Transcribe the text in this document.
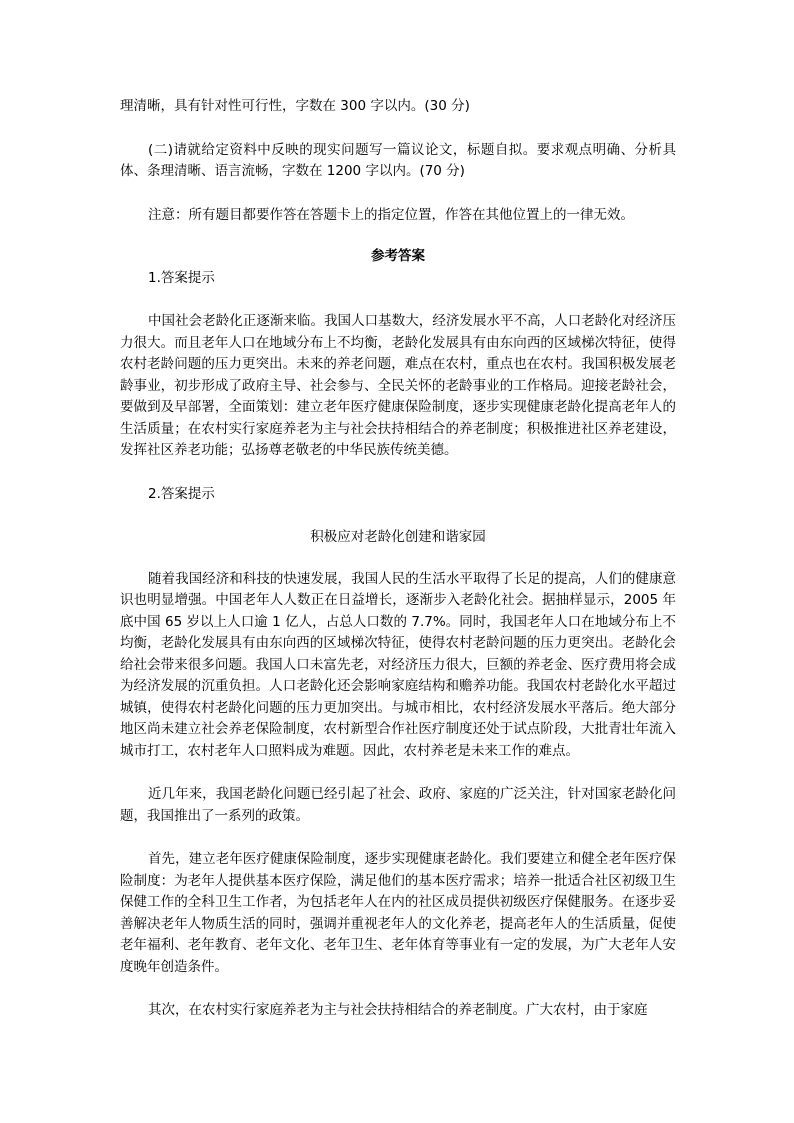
理清晰，具有针对性可行性，字数在 300 字以内。(30 分)

(二)请就给定资料中反映的现实问题写一篇议论文，标题自拟。要求观点明确、分析具体、条理清晰、语言流畅，字数在 1200 字以内。(70 分)

注意：所有题目都要作答在答题卡上的指定位置，作答在其他位置上的一律无效。

参考答案

1.答案提示

中国社会老龄化正逐渐来临。我国人口基数大，经济发展水平不高，人口老龄化对经济压力很大。而且老年人口在地域分布上不均衡，老龄化发展具有由东向西的区域梯次特征，使得农村老龄问题的压力更突出。未来的养老问题，难点在农村，重点也在农村。我国积极发展老龄事业，初步形成了政府主导、社会参与、全民关怀的老龄事业的工作格局。迎接老龄社会，要做到及早部署，全面策划：建立老年医疗健康保险制度，逐步实现健康老龄化提高老年人的生活质量；在农村实行家庭养老为主与社会扶持相结合的养老制度；积极推进社区养老建设，发挥社区养老功能；弘扬尊老敬老的中华民族传统美德。

2.答案提示

积极应对老龄化创建和谐家园

随着我国经济和科技的快速发展，我国人民的生活水平取得了长足的提高，人们的健康意识也明显增强。中国老年人人数正在日益增长，逐渐步入老龄化社会。据抽样显示，2005 年底中国 65 岁以上人口逾 1 亿人，占总人口数的 7.7%。同时，我国老年人口在地域分布上不均衡，老龄化发展具有由东向西的区域梯次特征，使得农村老龄问题的压力更突出。老龄化会给社会带来很多问题。我国人口未富先老，对经济压力很大，巨额的养老金、医疗费用将会成为经济发展的沉重负担。人口老龄化还会影响家庭结构和赡养功能。我国农村老龄化水平超过城镇，使得农村老龄化问题的压力更加突出。与城市相比，农村经济发展水平落后。绝大部分地区尚未建立社会养老保险制度，农村新型合作社医疗制度还处于试点阶段，大批青壮年流入城市打工，农村老年人口照料成为难题。因此，农村养老是未来工作的难点。

近几年来，我国老龄化问题已经引起了社会、政府、家庭的广泛关注，针对国家老龄化问题，我国推出了一系列的政策。

首先，建立老年医疗健康保险制度，逐步实现健康老龄化。我们要建立和健全老年医疗保险制度：为老年人提供基本医疗保险，满足他们的基本医疗需求；培养一批适合社区初级卫生保健工作的全科卫生工作者，为包括老年人在内的社区成员提供初级医疗保健服务。在逐步妥善解决老年人物质生活的同时，强调并重视老年人的文化养老，提高老年人的生活质量，促使老年福利、老年教育、老年文化、老年卫生、老年体育等事业有一定的发展，为广大老年人安度晚年创造条件。

其次，在农村实行家庭养老为主与社会扶持相结合的养老制度。广大农村，由于家庭
